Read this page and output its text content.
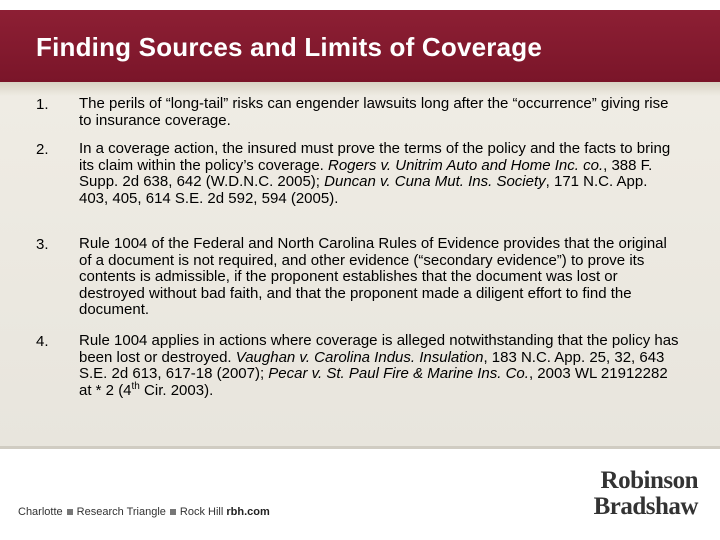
Finding Sources and Limits of Coverage
1. The perils of “long-tail” risks can engender lawsuits long after the “occurrence” giving rise to insurance coverage.
2. In a coverage action, the insured must prove the terms of the policy and the facts to bring its claim within the policy’s coverage. Rogers v. Unitrim Auto and Home Inc. co., 388 F. Supp. 2d 638, 642 (W.D.N.C. 2005); Duncan v. Cuna Mut. Ins. Society, 171 N.C. App. 403, 405, 614 S.E. 2d 592, 594 (2005).
3. Rule 1004 of the Federal and North Carolina Rules of Evidence provides that the original of a document is not required, and other evidence (“secondary evidence”) to prove its contents is admissible, if the proponent establishes that the document was lost or destroyed without bad faith, and that the proponent made a diligent effort to find the document.
4. Rule 1004 applies in actions where coverage is alleged notwithstanding that the policy has been lost or destroyed. Vaughan v. Carolina Indus. Insulation, 183 N.C. App. 25, 32, 643 S.E. 2d 613, 617-18 (2007); Pecar v. St. Paul Fire & Marine Ins. Co., 2003 WL 21912282 at * 2 (4th Cir. 2003).
Charlotte Research Triangle Rock Hill rbh.com
Robinson
Bradshaw
